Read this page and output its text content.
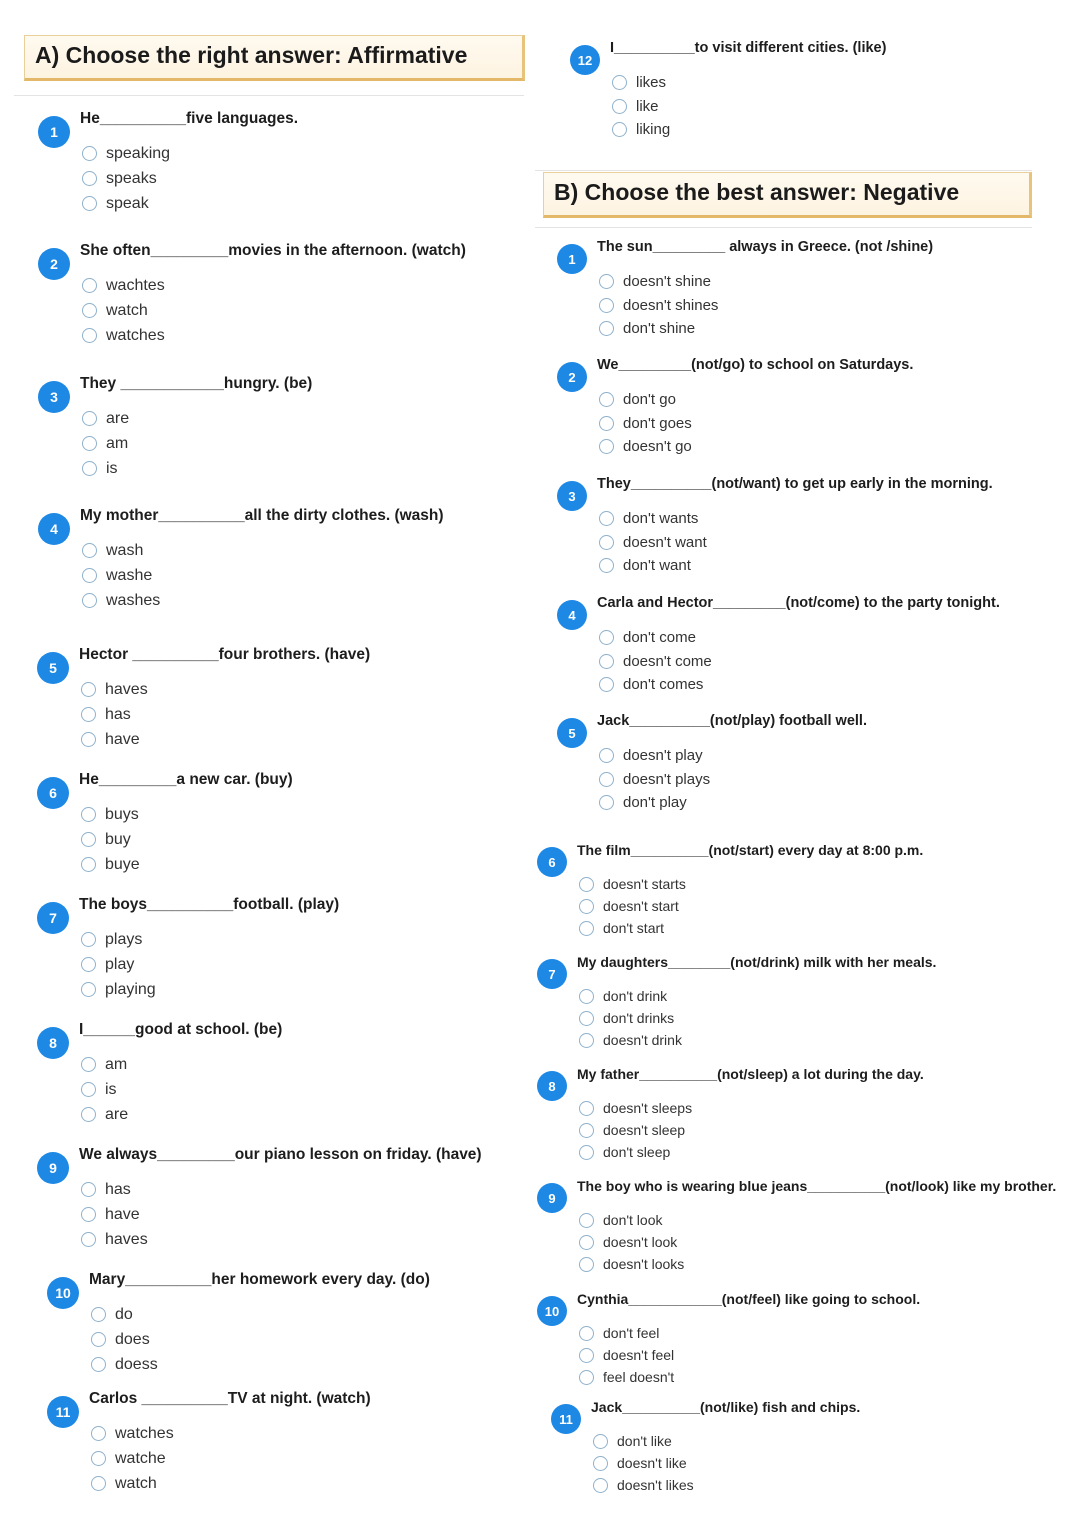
A) Choose the right answer: Affirmative
B) Choose the best answer: Negative
1
He__________five languages.
speaking
speaks
speak
2
She often_________movies in the afternoon. (watch)
wachtes
watch
watches
3
They ____________hungry. (be)
are
am
is
4
My mother__________all the dirty clothes. (wash)
wash
washe
washes
5
Hector __________four brothers. (have)
haves
has
have
6
He_________a new car. (buy)
buys
buy
buye
7
The boys__________football. (play)
plays
play
playing
8
I______good at school. (be)
am
is
are
9
We always_________our piano lesson on friday. (have)
has
have
haves
10
Mary__________her homework every day. (do)
do
does
doess
11
Carlos __________TV at night. (watch)
watches
watche
watch
12
I__________to visit different cities. (like)
likes
like
liking
1
The sun_________ always in Greece. (not /shine)
doesn't shine
doesn't shines
don't shine
2
We_________(not/go) to school on Saturdays.
don't go
don't goes
doesn't go
3
They__________(not/want) to get up early in the morning.
don't wants
doesn't want
don't want
4
Carla and Hector_________(not/come) to the party tonight.
don't come
doesn't come
don't comes
5
Jack__________(not/play) football well.
doesn't play
doesn't plays
don't play
6
The film__________(not/start) every day at 8:00 p.m.
doesn't starts
doesn't start
don't start
7
My daughters________(not/drink) milk with her meals.
don't drink
don't drinks
doesn't drink
8
My father__________(not/sleep) a lot during the day.
doesn't sleeps
doesn't sleep
don't sleep
9
The boy who is wearing blue jeans__________(not/look) like my brother.
don't look
doesn't look
doesn't looks
10
Cynthia____________(not/feel) like going to school.
don't feel
doesn't feel
feel doesn't
11
Jack__________(not/like) fish and chips.
don't like
doesn't like
doesn't likes
